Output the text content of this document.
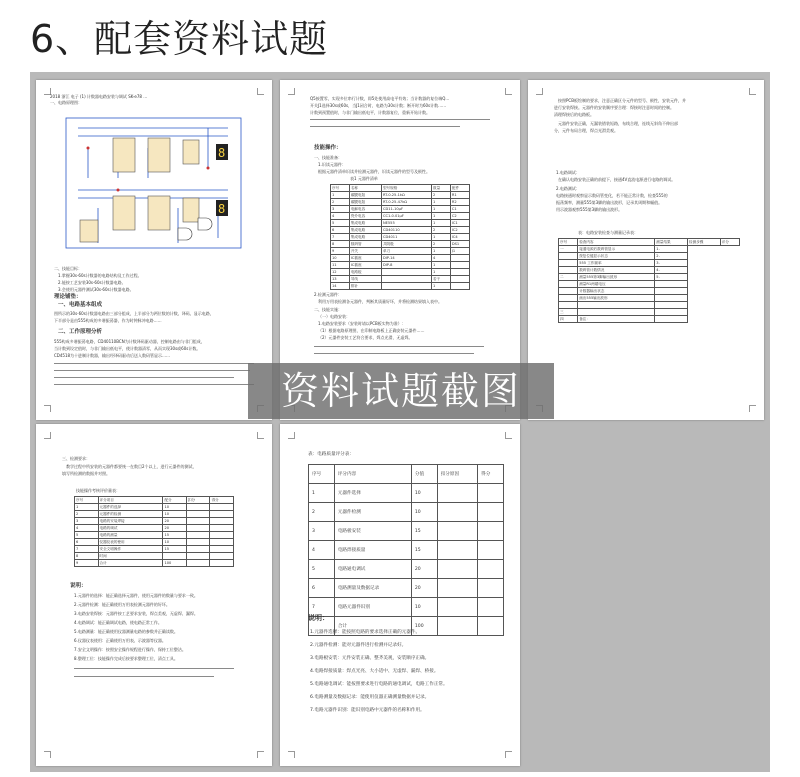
6、配套资料试题
2018 浙江 电子 (1) 计数器电路安装与调试 SK-e78 …
一、电路原理图：
8
8
二、技能目标：
1.掌握30s-60s计数器的电路结构及工作过程。
2.能按工艺安装30s-60s计数器电路。
3.会使用元器件测试30s-60s计数器电路。
理论铺垫：
一、电路基本组成
图所示的30s-60s计数器电路由三部分组成，上半部分为两位数的计数、译码、显示电路，
下半部分是由555构成的多谐振荡器，作为时钟脉冲电路……
二、工作原理分析
555构成多谐振荡电路，CD40110BCN为计数译码驱动器，控制电路由与非门组成，
当计数到设定值时，与非门输出低电平，使计数器清零，从而实现30s或60s计数。
CD4518为十进制计数器，输出经译码驱动后送入数码管显示……
Q5接置零，实现多位串行计数，即5处使用高电平有效；当计数器的复位端Q...
开关J1选择30s或60s，当J1闭合时，电路为30s计数；断开时为60s计数……
计数到预置值时，与非门输出低电平，计数器复位，重新开始计数。
技能操作：
一、技能准备：
1.识读元器件：
根据元器件清单识读并检测元器件，识读元器件的型号及极性。
表1 元器件清单
序号	名称	型号规格	数量	配件
1	碳膜电阻	RT-0.25-1kΩ	2	R1
2	碳膜电阻	RT-0.25-47kΩ	1	R2
3	电解电容	CD11-10μF	1	C1
4	瓷介电容	CC1-0.01μF	1	C2
5	集成电路	NE555	1	IC1
6	集成电路	CD40110	2	IC2
7	集成电路	CD4011	1	IC4
8	数码管	共阴极	2	DS1
9	开关	单刀	1	J1
10	IC插座	DIP-14	4	
11	IC插座	DIP-8	1	
12	电路板		1	
13	导线		若干	
14	排针		1	
2.检测元器件：
利用万用表检测各元器件，判断其质量好坏，并将检测结果填入表中。
二、技能实施：
（一）电路安装：
1.电路安装要求（安装时请以PCB板实物为准）：
（1）根据电路原理图，在印制电路板上正确安装元器件……
（2）元器件安装工艺符合要求，焊点光滑，无虚焊。
按照PCB板绘制的要求，注意正确区分元件的型号、极性，安装元件，并
进行安装焊接。元器件的安装顺序要合理：焊接时注意时间的控制。
清理焊接后的电路板。
元器件安装正确，无漏装错装短路，布线合理，连线无斜角不伸出部
分，元件布局合理，焊点光滑美观。
1.电路调试：
在确认电路安装正确的前提下，接通4V直流电源进行电路的调试。
2.电路测试：
电路接通时观察显示数码管变化，若不能正常计数，检查555的
振荡频率，测量555第3脚的输出波形，记录其周期和幅值。
用示波器观察555第3脚的输出波形。
表：电路安装检查与测量记录表：
序号	检查内容	测量结果	检测步骤	评分
一	接通电源后数码管显示	1.		
	按复位键显示状态	2.		
	555 工作频率	3.		
	数码管计数情况	4.		
二	测量555第3脚输出波形	5.		
	测量R1两端电压			
	计数器输出状态			
	画出555输出波形			

三				
四	备注：			
三、检测要求：
教学过程中所安装的元器件都要统一在数目2个以上，进行元器件的测试，
填写所检测的数据并对照。
技能操作考核评价量表：
序号	评分项目	配分	扣分	得分
1	元器件的选择	10		
2	元器件的检测	10		
3	电路的安装焊接	20		
4	电路的调试	20		
5	电路的测量	15		
6	仪器仪表的使用	10		
7	安全文明操作	15		
8	时间			
9	合计	100		
说明：
1.元器件的选择：能正确选择元器件，使用元器件的数量与要求一致。
2.元器件检测：能正确使用万用表检测元器件的好坏。
3.电路安装焊接：元器件按工艺要求安装，焊点美观，无虚焊、漏焊。
4.电路调试：能正确调试电路，使电路正常工作。
5.电路测量：能正确使用仪器测量电路的参数并正确读数。
6.仪器仪表使用：正确使用万用表、示波器等仪器。
7.安全文明操作：按照安全操作规程进行操作，保持工位整洁。
8.整理工位：技能操作完成后按要求整理工位，清点工具。
表：电路质量评分表：
序号	评分内容	分值	扣分原因	得分
1	元器件选择	10		
2	元器件检测	10		
3	电路板安装	15		
4	电路焊接质量	15		
5	电路通电调试	20		
6	电路测量及数据记录	20		
7	电路元器件识别	10		
	合计	100		
说明：
1.元器件选择：能按照电路的要求选择正确的元器件。
2.元器件检测：能对元器件进行检测并记录好。
3.电路板安装：元件安装正确、整齐美观，安装顺序正确。
4.电路焊接质量：焊点光亮、大小适中、无虚焊、漏焊、桥接。
5.电路通电调试：能按照要求进行电路的通电调试，电路工作正常。
6.电路测量及数据记录：能使用仪器正确测量数据并记录。
7.电路元器件识别：能识别电路中元器件的名称和作用。
资料试题截图
